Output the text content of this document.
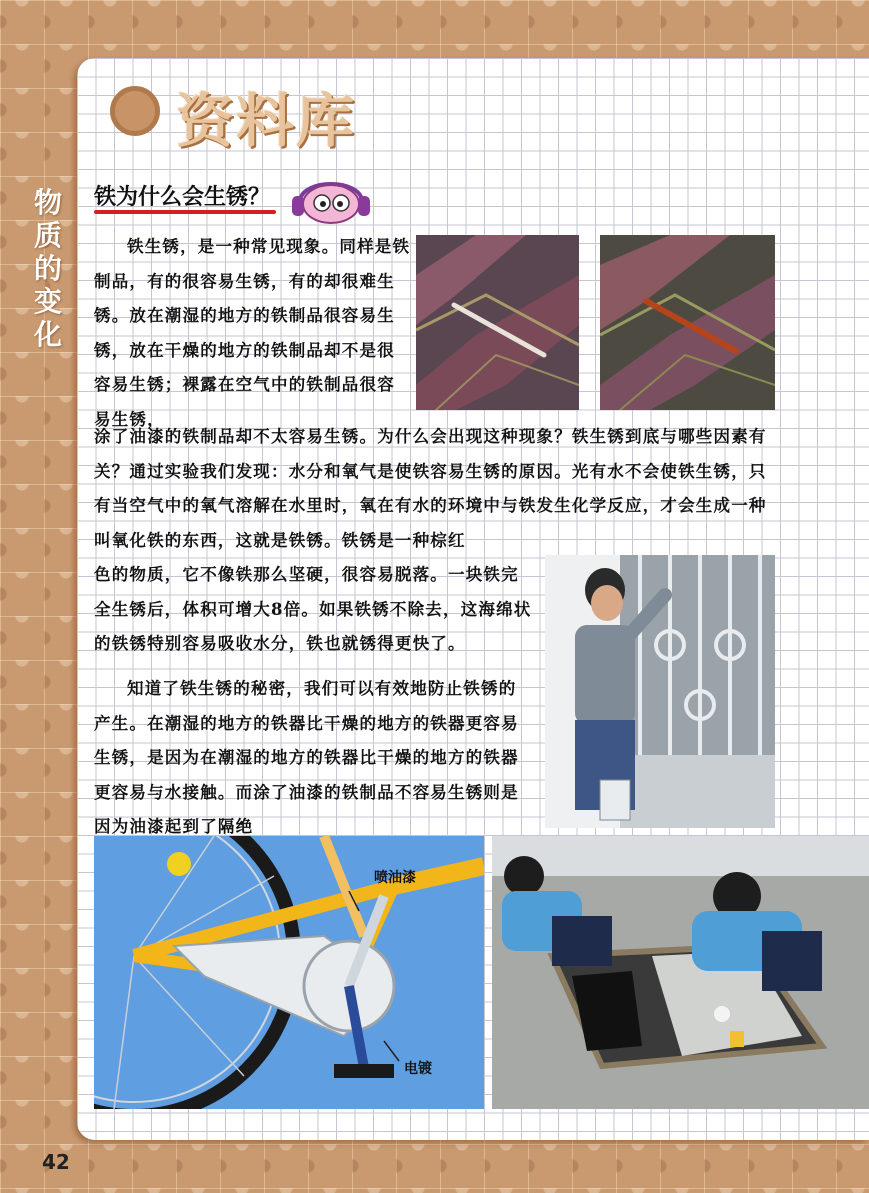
资料库
物
质
的
变
化
铁为什么会生锈？
铁生锈，是一种常见现象。同样是铁制品，有的很容易生锈，有的却很难生锈。放在潮湿的地方的铁制品很容易生锈，放在干燥的地方的铁制品却不是很容易生锈；裸露在空气中的铁制品很容易生锈，
涂了油漆的铁制品却不太容易生锈。为什么会出现这种现象？铁生锈到底与哪些因素有关？通过实验我们发现：水分和氧气是使铁容易生锈的原因。光有水不会使铁生锈，只有当空气中的氧气溶解在水里时，氧在有水的环境中与铁发生化学反应，才会生成一种叫氧化铁的东西，这就是铁锈。铁锈是一种棕红
色的物质，它不像铁那么坚硬，很容易脱落。一块铁完全生锈后，体积可增大8倍。如果铁锈不除去，这海绵状的铁锈特别容易吸收水分，铁也就锈得更快了。
知道了铁生锈的秘密，我们可以有效地防止铁锈的产生。在潮湿的地方的铁器比干燥的地方的铁器更容易生锈，是因为在潮湿的地方的铁器比干燥的地方的铁器更容易与水接触。而涂了油漆的铁制品不容易生锈则是因为油漆起到了隔绝
喷油漆
电镀
42
